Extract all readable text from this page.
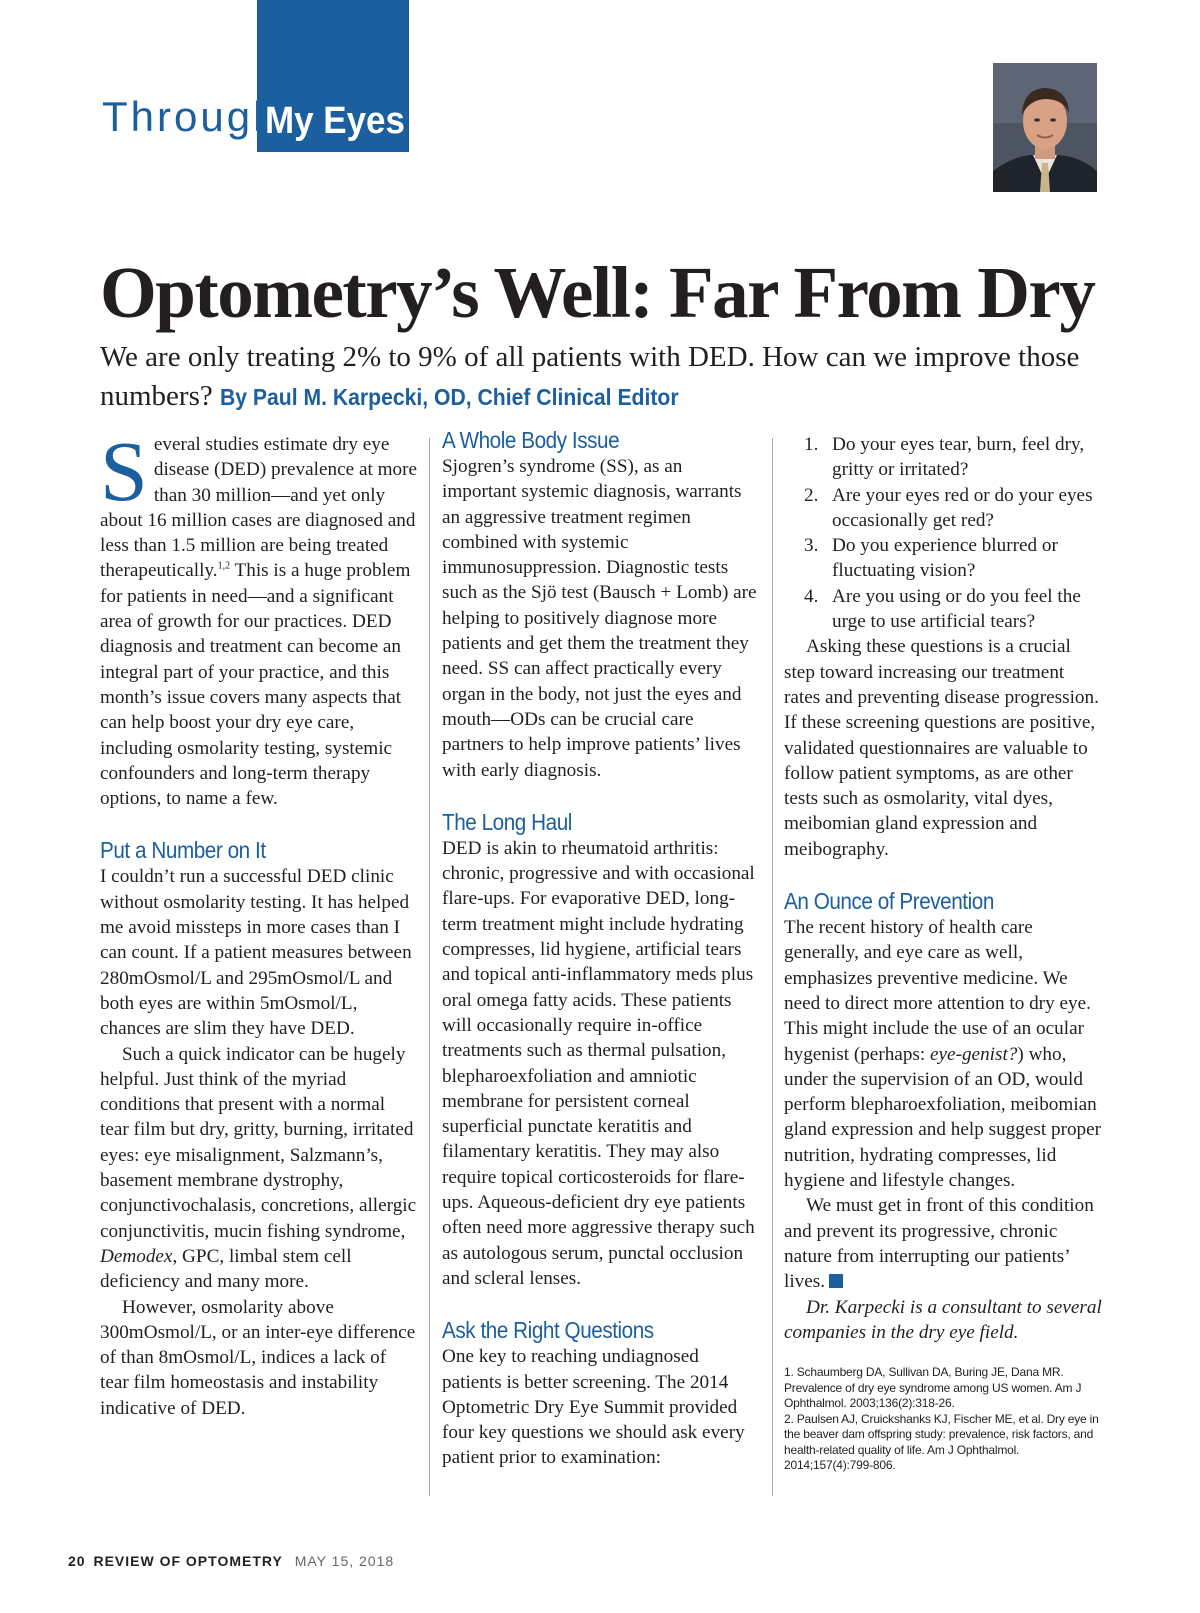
Through
My Eyes
Optometry’s Well: Far From Dry
We are only treating 2% to 9% of all patients with DED. How can we improve those numbers? By Paul M. Karpecki, OD, Chief Clinical Editor

Several studies estimate dry eye disease (DED) prevalence at more than 30 million—and yet only about 16 million cases are diagnosed and less than 1.5 million are being treated therapeutically.$^{1,2}$ This is a huge problem for patients in need—and a significant area of growth for our practices. DED diagnosis and treatment can become an integral part of your practice, and this month’s issue covers many aspects that can help boost your dry eye care, including osmolarity testing, systemic confounders and long-term therapy options, to name a few.

Put a Number on It

I couldn’t run a successful DED clinic without osmolarity testing. It has helped me avoid missteps in more cases than I can count. If a patient measures between 280mOsmol/L and 295mOsmol/L and both eyes are within 5mOsmol/L, chances are slim they have DED.

Such a quick indicator can be hugely helpful. Just think of the myriad conditions that present with a normal tear film but dry, gritty, burning, irritated eyes: eye misalignment, Salzmann’s, basement membrane dystrophy, conjunctivochalasis, concretions, allergic conjunctivitis, mucin fishing syndrome, Demodex, GPC, limbal stem cell deficiency and many more.

However, osmolarity above 300mOsmol/L, or an inter-eye difference of than 8mOsmol/L, indices a lack of tear film homeostasis and instability indicative of DED.

A Whole Body Issue

Sjogren’s syndrome (SS), as an important systemic diagnosis, warrants an aggressive treatment regimen combined with systemic immunosuppression. Diagnostic tests such as the Sjö test (Bausch + Lomb) are helping to positively diagnose more patients and get them the treatment they need. SS can affect practically every organ in the body, not just the eyes and mouth—ODs can be crucial care partners to help improve patients’ lives with early diagnosis.

The Long Haul

DED is akin to rheumatoid arthritis: chronic, progressive and with occasional flare-ups. For evaporative DED, long-term treatment might include hydrating compresses, lid hygiene, artificial tears and topical anti-inflammatory meds plus oral omega fatty acids. These patients will occasionally require in-office treatments such as thermal pulsation, blepharoexfoliation and amniotic membrane for persistent corneal superficial punctate keratitis and filamentary keratitis. They may also require topical corticosteroids for flare-ups. Aqueous-deficient dry eye patients often need more aggressive therapy such as autologous serum, punctal occlusion and scleral lenses.

Ask the Right Questions

One key to reaching undiagnosed patients is better screening. The 2014 Optometric Dry Eye Summit provided four key questions we should ask every patient prior to examination:

1. Do your eyes tear, burn, feel dry, gritty or irritated?
2. Are your eyes red or do your eyes occasionally get red?
3. Do you experience blurred or fluctuating vision?
4. Are you using or do you feel the urge to use artificial tears?

Asking these questions is a crucial step toward increasing our treatment rates and preventing disease progression. If these screening questions are positive, validated questionnaires are valuable to follow patient symptoms, as are other tests such as osmolarity, vital dyes, meibomian gland expression and meibography.

An Ounce of Prevention

The recent history of health care generally, and eye care as well, emphasizes preventive medicine. We need to direct more attention to dry eye. This might include the use of an ocular hygenist (perhaps: eye-genist?) who, under the supervision of an OD, would perform blepharoexfoliation, meibomian gland expression and help suggest proper nutrition, hydrating compresses, lid hygiene and lifestyle changes.

We must get in front of this condition and prevent its progressive, chronic nature from interrupting our patients’ lives.

Dr. Karpecki is a consultant to several companies in the dry eye field.

1. Schaumberg DA, Sullivan DA, Buring JE, Dana MR. Prevalence of dry eye syndrome among US women. Am J Ophthalmol. 2003;136(2):318-26.

2. Paulsen AJ, Cruickshanks KJ, Fischer ME, et al. Dry eye in the beaver dam offspring study: prevalence, risk factors, and health-related quality of life. Am J Ophthalmol. 2014;157(4):799-806.

20 REVIEW OF OPTOMETRY MAY 15, 2018
